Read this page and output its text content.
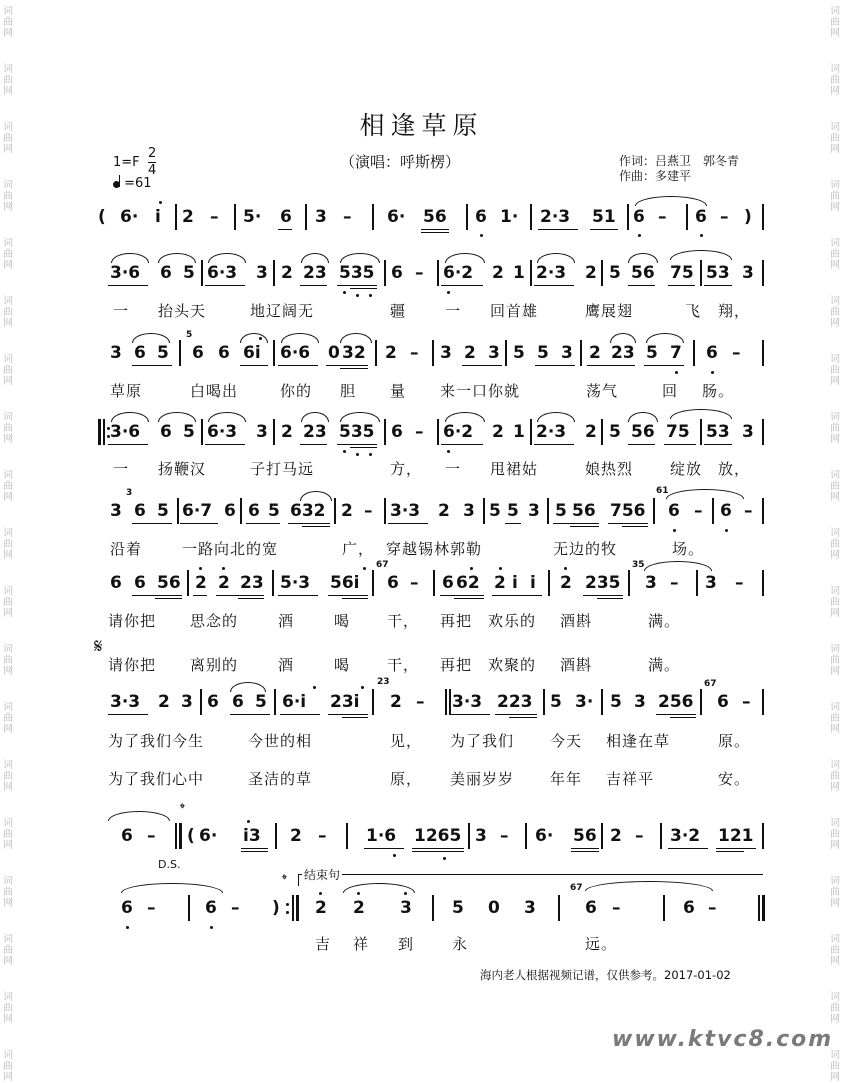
词
曲
网
词
曲
网
词
曲
网
词
曲
网
词
曲
网
词
曲
网
词
曲
网
词
曲
网
词
曲
网
词
曲
网
词
曲
网
词
曲
网
词
曲
网
词
曲
网
词
曲
网
词
曲
网
词
曲
网
词
曲
网
词
曲
网
词
曲
网
词
曲
网
词
曲
网
词
曲
网
词
曲
网
词
曲
网
词
曲
网
词
曲
网
词
曲
网
词
曲
网
词
曲
网
词
曲
网
词
曲
网
词
曲
网
词
曲
网
词
曲
网
词
曲
网
词
曲
网
词
曲
网
相逢草原
（演唱：呼斯楞）	作词：吕燕卫　郭冬青
作曲：多建平
1=F
2
4
=61
( 6· i 2 – 5· 6 3 – 6· 56 6 1· 2·3 51 6 – 6 – )
3·6 6 5 6·3 3 2 23 535 6 – 6·2 2 1 2·3 2 5 56 75 53 3
一 抬头天	地辽阔无	疆	一 回首雄	鹰展翅	飞 翔，
3 6 5
5
6 6 6i 6·6 0 32 2 – 3 2 3 5 5 3 2 23 5 7 6 –
草原	白喝出	你的 胆 量 来一口你就	荡气	回 肠。
3·6 6 5 6·3 3 2 23 535 6 – 6·2 2 1 2·3 2 5 56 75 53 3
一 扬鞭汉	子打马远	方， 一 甩裙姑	娘热烈 绽放 放，
3
3
6 5 6·7 6 6 5 632 2 – 3·3 2 3 5 5 3 5 56 756
61
6 – 6 –
沿着	一路向北的宽	广， 穿越锡林郭勒	无边的牧	场。
6 6 56 2 2 23 5·3 56i
67
6 – 6 62 2 i i 2 235
35
3 – 3 –
请你把 思念的	酒	喝 干， 再把 欢乐的 酒斟	满。
𝄋
请你把 离别的	酒	喝 干， 再把 欢聚的 酒斟	满。
3·3 2 3 6 6 5 6·i 23i
23
2 – 3·3 223 5 3· 5 3 256
67
6 –
为了我们今生	今世的相	见， 为了我们 今天 相逢在草	原。
为了我们心中	圣洁的草	原， 美丽岁岁 年年 吉祥平	安。
𝄌
6 – ( 6· i3 2 – 1·6 1265 3 – 6· 56 2 – 3·2 121
D.S.
𝄌 结束句
6 –	6 – ) 2 2 3 5 0 3
67
6 –	6 –
吉 祥 到	永	远。
海内老人根据视频记谱，仅供参考。2017-01-02
www.ktvc8.com
